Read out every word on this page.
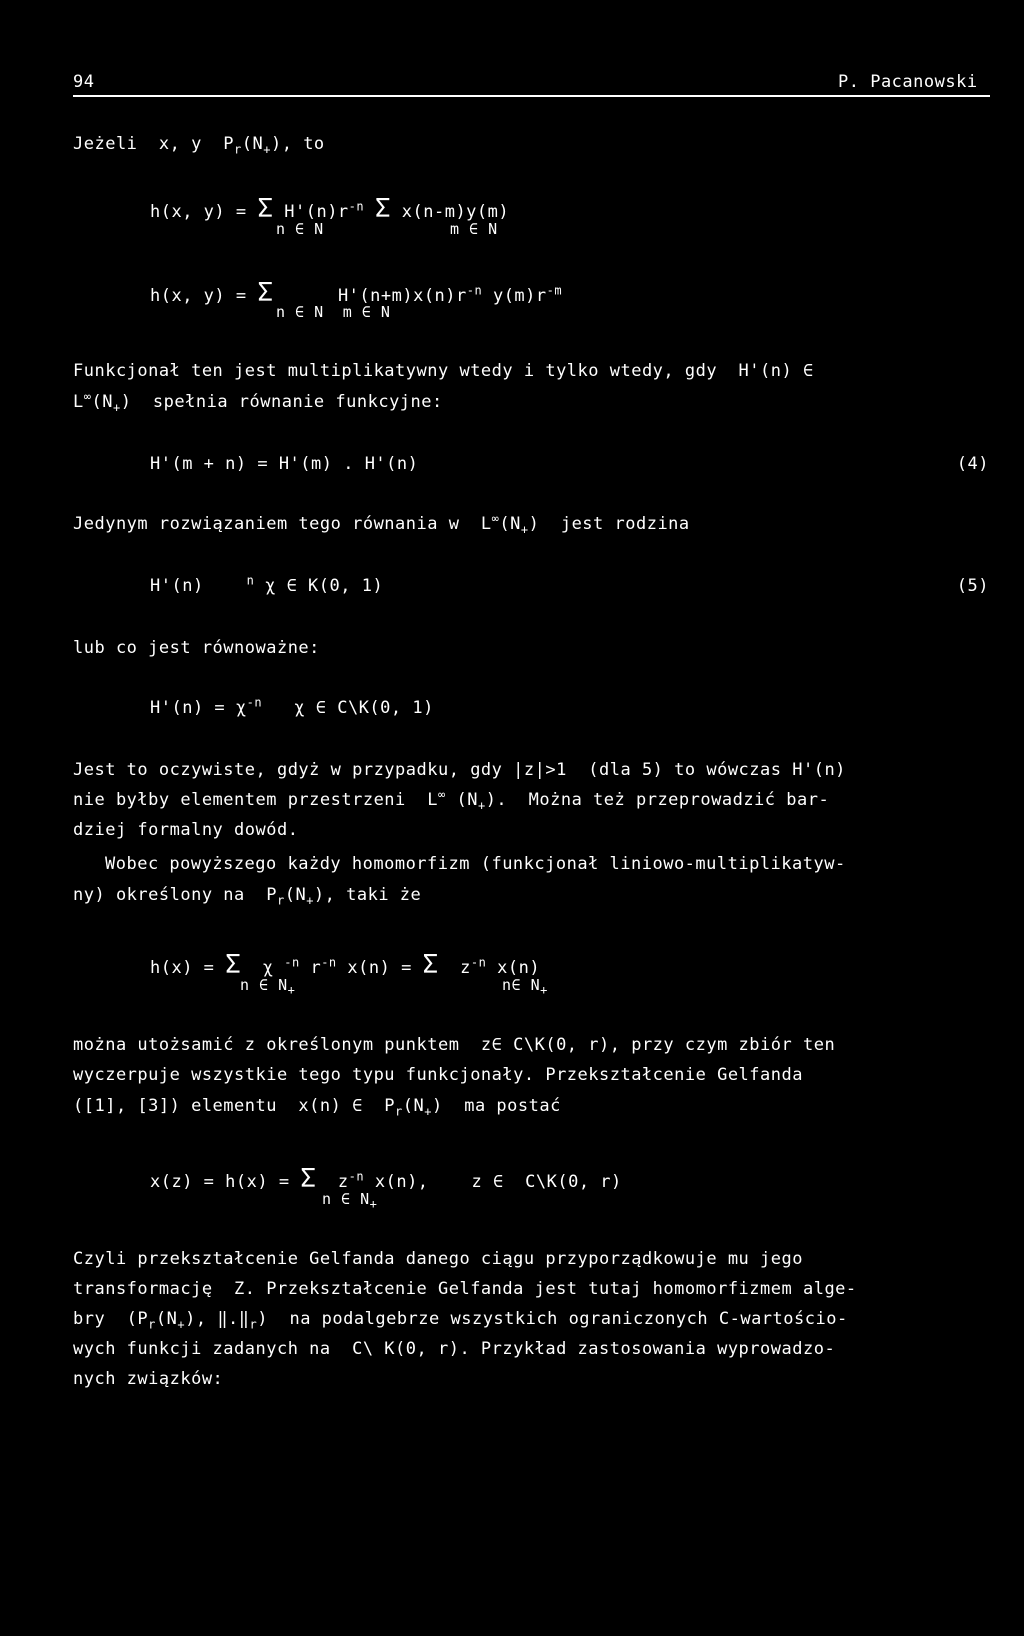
94	P. Pacanowski
Jeżeli  x, y  $P_r(N_+)$, to
h(x, y) = Σ $H'(n)r^{-n}$ Σ x(n-m)y(m)
n ∈ N	m ∈ N
h(x, y) = Σ	$H'(n+m)x(n)r^{-n}$ $y(m)r^{-m}$
n ∈ N  m ∈ N
Funkcjonał ten jest multiplikatywny wtedy i tylko wtedy, gdy  H'(n) ∈
$L^\infty(N_+)$  spełnia równanie funkcyjne:
H'(m + n) = H'(m) . H'(n)	(4)
Jedynym rozwiązaniem tego równania w  $L^\infty(N_+)$  jest rodzina
H'(n)    $^n$ χ ∈ K(0, 1)	(5)
lub co jest równoważne:
$H'(n) = \chi^{-n}$   χ ∈ C\K(0, 1)
Jest to oczywiste, gdyż w przypadku, gdy |z|>1  (dla 5) to wówczas H'(n)
nie byłby elementem przestrzeni  L∞ $(N_+)$.  Można też przeprowadzić bar-
dziej formalny dowód.
Wobec powyższego każdy homomorfizm (funkcjonał liniowo-multiplikatyw-
ny) określony na  $P_r(N_+)$, taki że
h(x) = Σ  χ $^{-n}$ $r^{-n}$ x(n) = Σ  $z^{-n}$ x(n)
n ∈ $N_+$	n∈ $N_+$
można utożsamić z określonym punktem  z∈ C\K(0, r), przy czym zbiór ten
wyczerpuje wszystkie tego typu funkcjonały. Przekształcenie Gelfanda
([1], [3]) elementu  x(n) ∈  $P_r(N_+)$  ma postać
x(z) = h(x) = Σ  $z^{-n}$ x(n),    z ∈  C\K(0, r)
n ∈ $N_+$
Czyli przekształcenie Gelfanda danego ciągu przyporządkowuje mu jego
transformację  Z. Przekształcenie Gelfanda jest tutaj homomorfizmem alge-
bry  ($P_r(N_+)$, $‖.‖_r$)  na podalgebrze wszystkich ograniczonych C-wartościo-
wych funkcji zadanych na  C\ K(0, r). Przykład zastosowania wyprowadzo-
nych związków:
